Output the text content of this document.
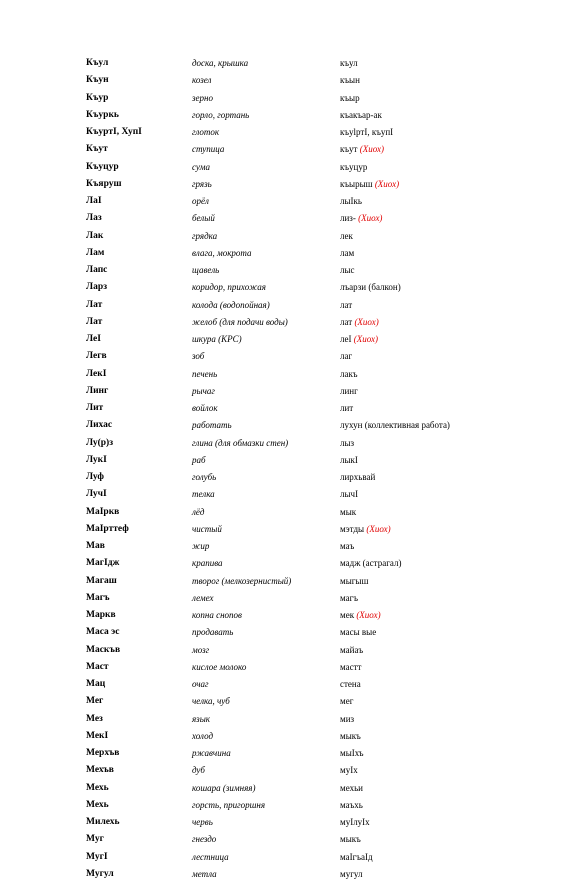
Къул	доска, крышка	къул
Къун	козел	къын
Къур	зерно	къыр
Къуркь	горло, гортань	къакъар-ак
КъуртI, ХупI	глоток	къуlртI, къупI
Къут	ступица	къут (Хиох)
Къуцур	сума	къуцур
Къяруш	грязь	къырыш (Хиох)
ЛаI	орёл	лыIкь
Лаз	белый	лиз- (Хиох)
Лак	грядка	лек
Лам	влага, мокрота	лам
Лапс	щавель	лыс
Ларз	коридор, прихожая	лъарзи (балкон)
Лат	колода (водопойная)	лат
Лат	желоб (для подачи воды)	лат (Хиох)
ЛеI	шкура (КРС)	лeI (Хиох)
Легв	зоб	лаг
ЛекI	печень	лакъ
Линг	рычаг	линг
Лит	войлок	лит
Лихас	работать	лухун (коллективная работа)
Лу(р)з	глина (для обмазки стен)	лыз
ЛукI	раб	лыкI
Луф	голубь	лирхьвай
ЛучI	телка	лычI
МаIркв	лёд	мык
МаIрттеф	чистый	мэтды (Хиох)
Мав	жир	маъ
МагIдж	крапива	мадж (астрагал)
Магаш	творог (мелкозернистый)	мыгыш
Магъ	лемех	магъ
Маркв	копна снопов	мек (Хиох)
Маса эс	продавать	масы вые
Маскъв	мозг	майаъ
Маст	кислое молоко	мастт
Мац	очаг	стена
Мег	челка, чуб	мег
Мез	язык	миз
МекI	холод	мыкъ
Мерхъв	ржавчина	мыIхъ
Мехъв	дуб	муIх
Мехь	кошара (зимняя)	мехьи
Мехь	горсть, пригоршня	маъхь
Милехь	червь	муIлуIх
Муг	гнездо	мыкъ
МугI	лестница	маIгъаIд
Мугул	метла	мугул
